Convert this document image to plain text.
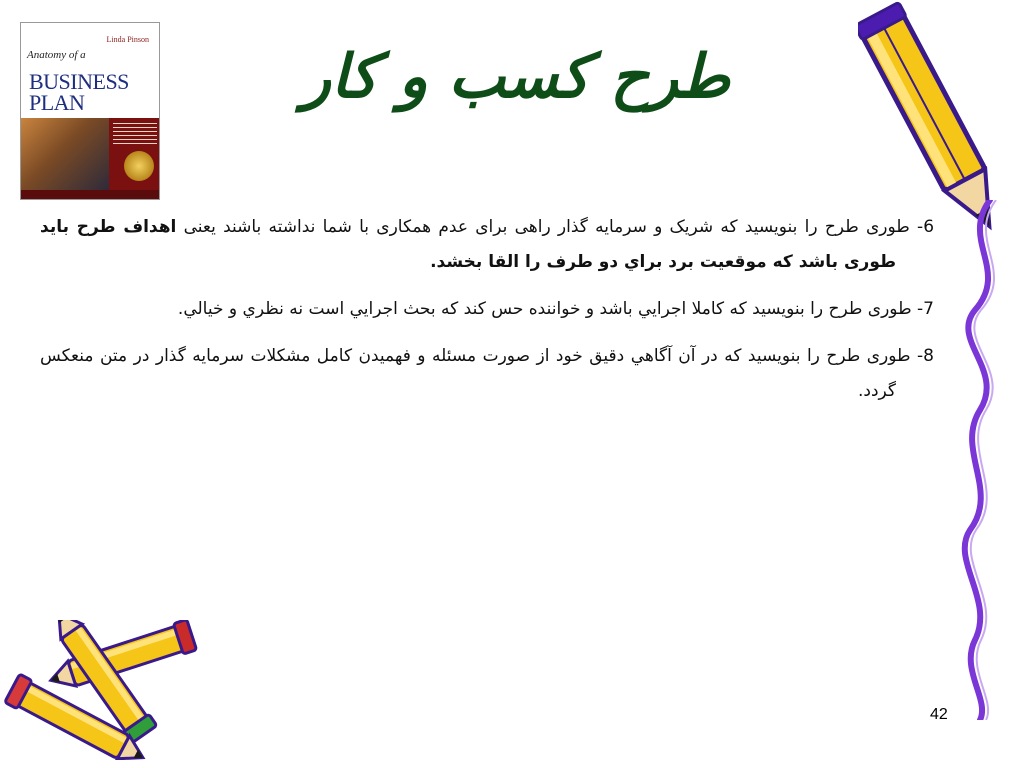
Linda Pinson
Anatomy of a
BUSINESS
PLAN	طرح کسب و کار

6- طوری طرح را بنویسید که شریک و سرمایه گذار راهی برای عدم همکاری با شما نداشته باشند یعنی اهداف طرح باید طوری باشد که موقعیت برد براي دو طرف را القا بخشد.

7- طوری طرح را بنویسید که کاملا اجرايي باشد و خواننده حس کند که بحث اجرايي است نه نظري و خيالي.

8- طوری طرح را بنویسید که در آن آگاهي دقيق خود از صورت مسئله و فهميدن کامل مشکلات سرمايه گذار در متن منعکس گردد.

42
